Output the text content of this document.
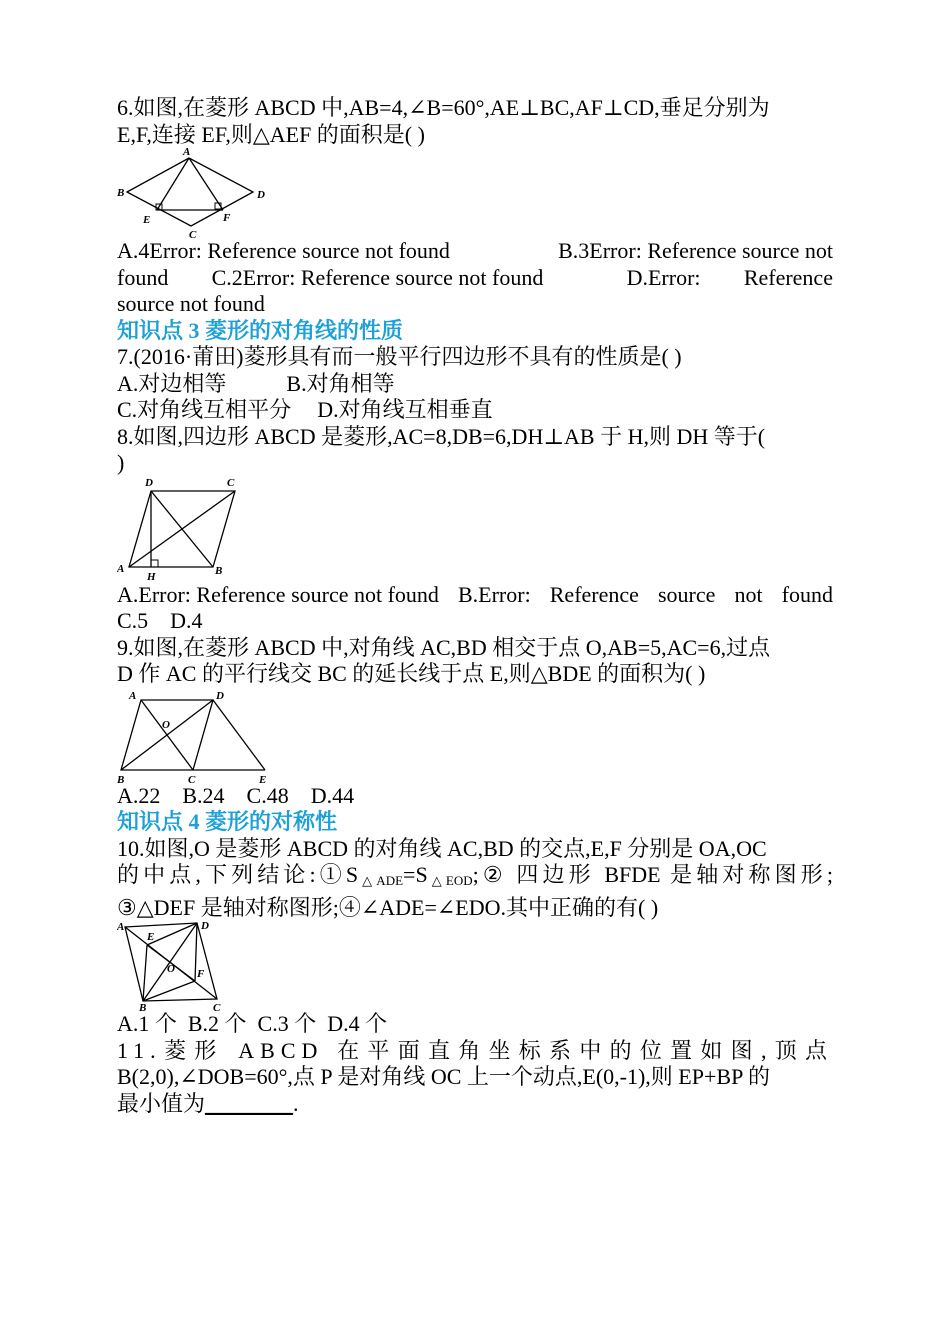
6.如图,在菱形 ABCD 中,AB=4,∠B=60°,AE⊥BC,AF⊥CD,垂足分别为

E,F,连接 EF,则△AEF 的面积是( )

A
B
C
D
E	F
A.4Error: Reference source not found	B.3Error: Reference source not
found C.2Error: Reference source not found	D.Error: Reference

source not found

知识点 3 菱形的对角线的性质

7.(2016·莆田)菱形具有而一般平行四边形不具有的性质是( )

A.对边相等	B.对角相等

C.对角线互相平分 D.对角线互相垂直

8.如图,四边形 ABCD 是菱形,AC=8,DB=6,DH⊥AB 于 H,则 DH 等于(

)

A	B
C
D
H
A.Error: Reference source not found B.Error: Reference source not found

C.5    D.4

9.如图,在菱形 ABCD 中,对角线 AC,BD 相交于点 O,AB=5,AC=6,过点

D 作 AC 的平行线交 BC 的延长线于点 E,则△BDE 的面积为( )

A
B	C
D
E
O

A.22    B.24    C.48    D.44

知识点 4 菱形的对称性

10.如图,O 是菱形 ABCD 的对角线 AC,BD 的交点,E,F 分别是 OA,OC

的中点,下列结论$:①S_{\triangle ADE}=S_{\triangle EOD};②$ 四边形 BFDE 是轴对称图形;

③△DEF 是轴对称图形;④∠ADE=∠EDO.其中正确的有( )

A	D
E
O F
B	C

A.1 个  B.2 个  C.3 个  D.4 个

11.菱形 ABCD 在平面直角坐标系中的位置如图,顶点

B(2,0),∠DOB=60°,点 P 是对角线 OC 上一个动点,E(0,-1),则 EP+BP 的

最小值为________.
